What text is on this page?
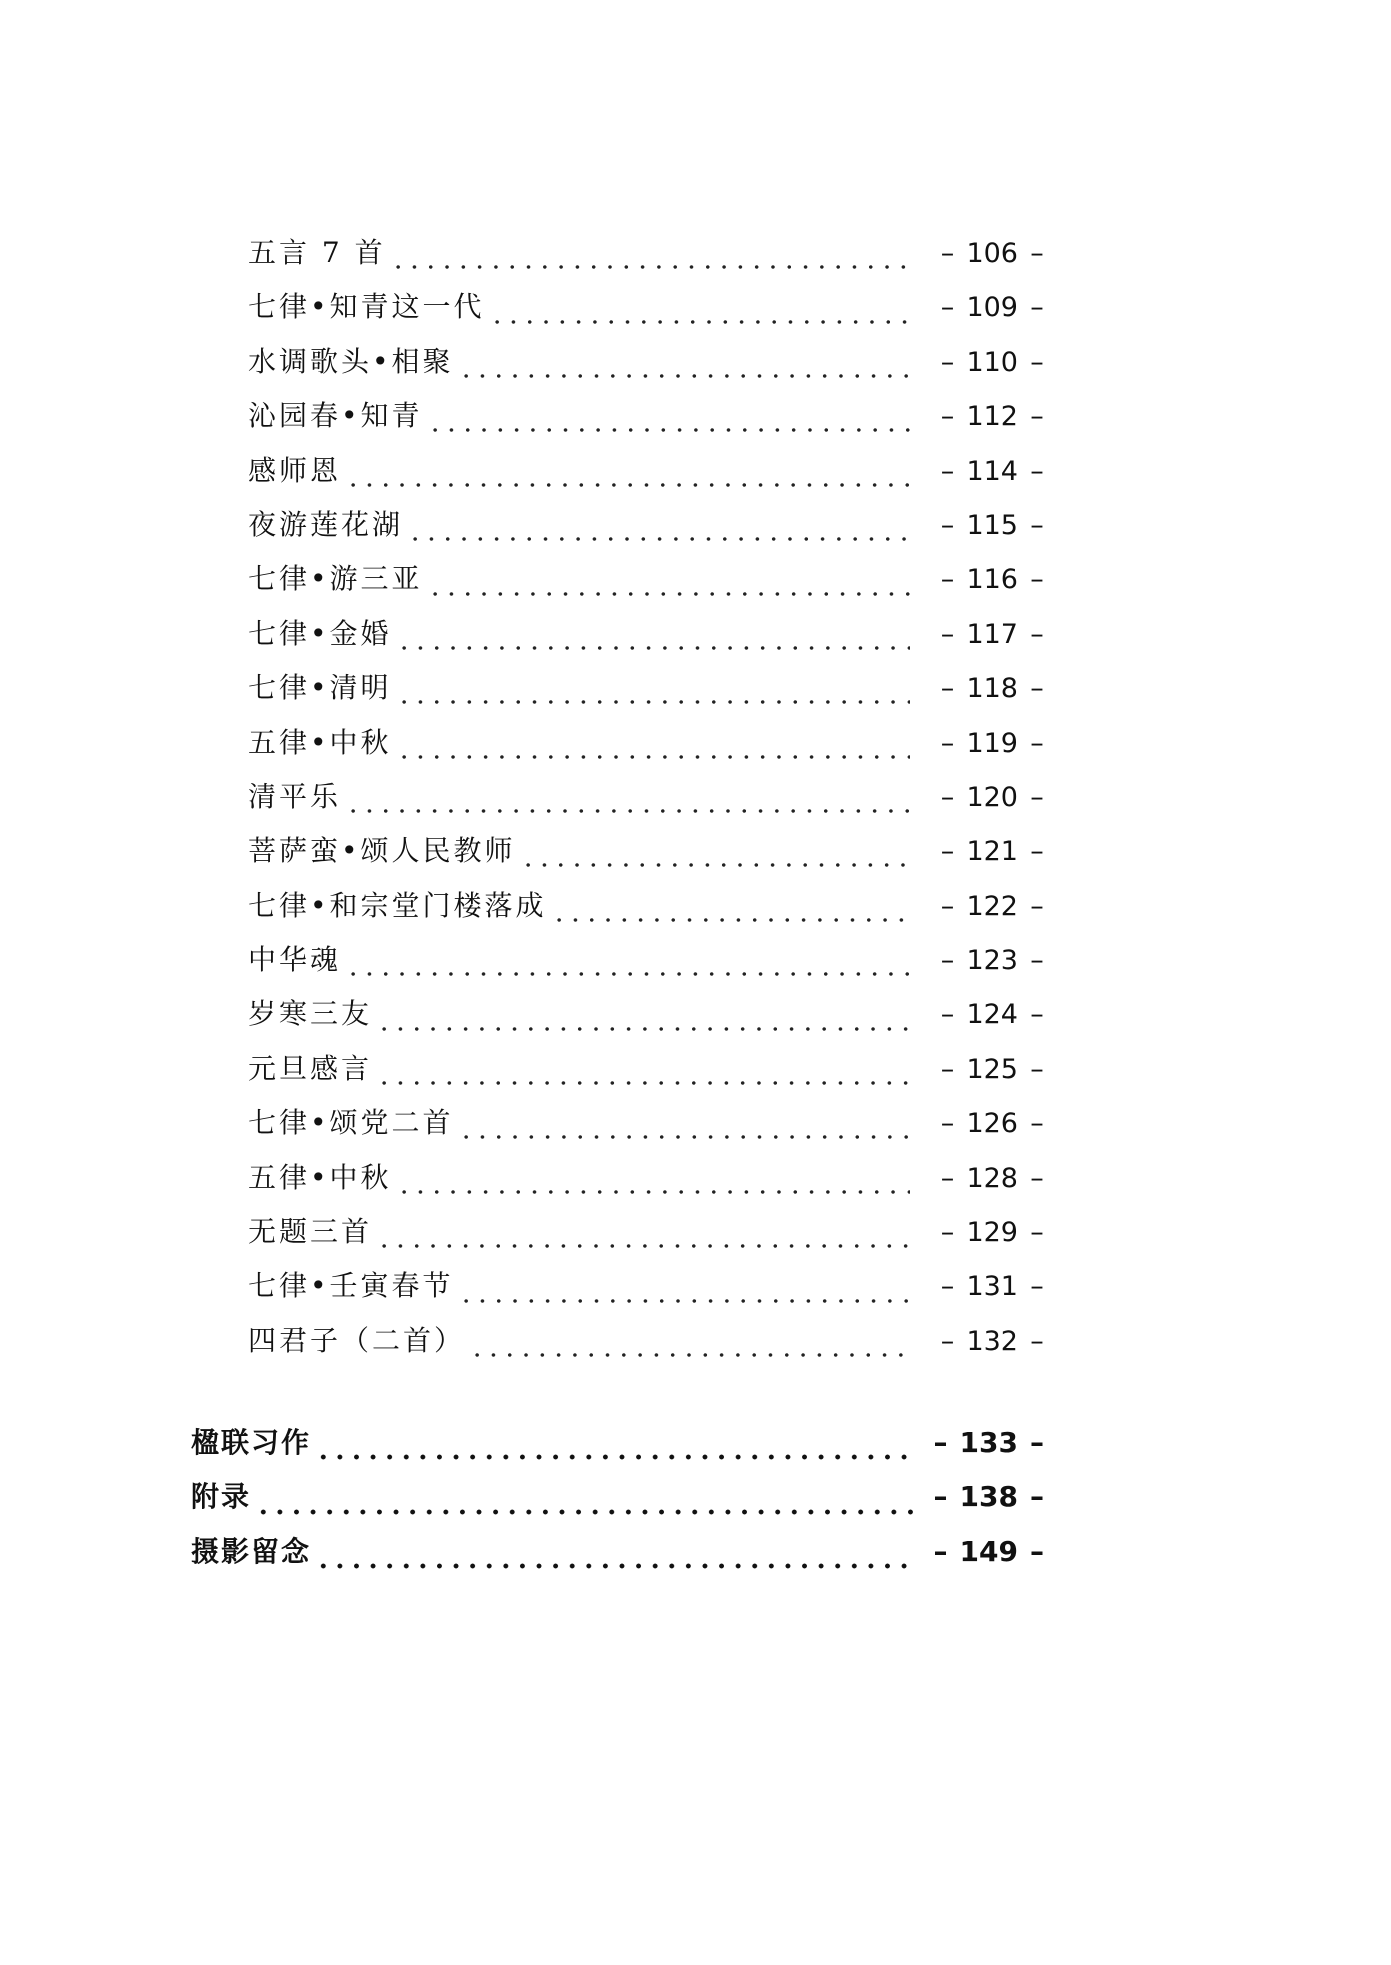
五言 7 首	– 106 –
七律•知青这一代	– 109 –
水调歌头•相聚	– 110 –
沁园春•知青	– 112 –
感师恩	– 114 –
夜游莲花湖	– 115 –
七律•游三亚	– 116 –
七律•金婚	– 117 –
七律•清明	– 118 –
五律•中秋	– 119 –
清平乐	– 120 –
菩萨蛮•颂人民教师	– 121 –
七律•和宗堂门楼落成	– 122 –
中华魂	– 123 –
岁寒三友	– 124 –
元旦感言	– 125 –
七律•颂党二首	– 126 –
五律•中秋	– 128 –
无题三首	– 129 –
七律•壬寅春节	– 131 –
四君子（二首）	– 132 –
楹联习作	– 133 –
附录	– 138 –
摄影留念	– 149 –
